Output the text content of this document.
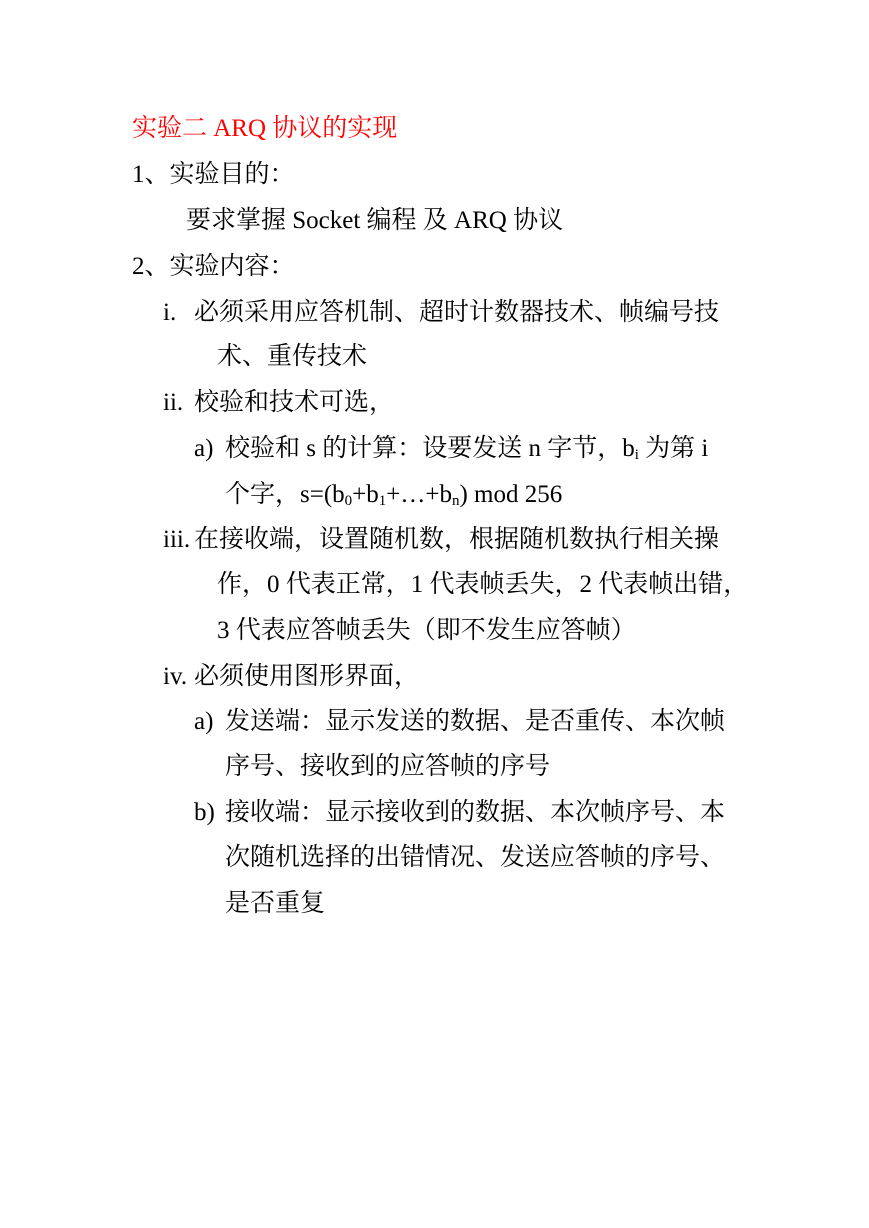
实验二 ARQ 协议的实现
1、实验目的：
要求掌握 Socket 编程 及 ARQ 协议
2、实验内容：
i. 必须采用应答机制、超时计数器技术、帧编号技
术、重传技术
ii. 校验和技术可选，
a) 校验和 s 的计算：设要发送 n 字节，$b_i$ 为第 i
个字，$s=(b_0+b_1+\dots+b_n)$ mod 256
iii. 在接收端，设置随机数，根据随机数执行相关操
作，0 代表正常，1 代表帧丢失，2 代表帧出错，
3 代表应答帧丢失（即不发生应答帧）
iv. 必须使用图形界面，
a) 发送端：显示发送的数据、是否重传、本次帧
序号、接收到的应答帧的序号
b) 接收端：显示接收到的数据、本次帧序号、本
次随机选择的出错情况、发送应答帧的序号、
是否重复
